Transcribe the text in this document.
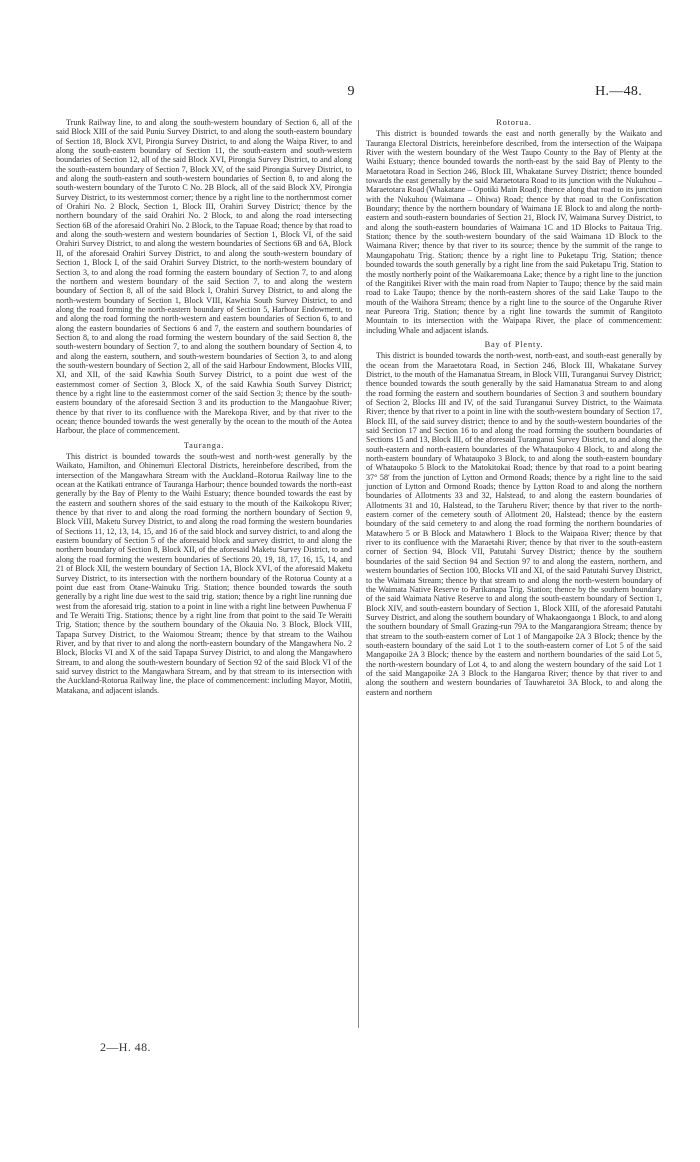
9	H.—48.

Trunk Railway line, to and along the south-western boundary of Section 6, all of the said Block XIII of the said Puniu Survey District, to and along the south-eastern boundary of Section 18, Block XVI, Pirongia Survey District, to and along the Waipa River, to and along the south-eastern boundary of Section 11, the south-eastern and south-western boundaries of Section 12, all of the said Block XVI, Pirongia Survey District, to and along the south-eastern boundary of Section 7, Block XV, of the said Pirongia Survey District, to and along the south-eastern and south-western boundaries of Section 8, to and along the south-western boundary of the Turoto C No. 2B Block, all of the said Block XV, Pirongia Survey District, to its westernmost corner; thence by a right line to the northernmost corner of Orahiri No. 2 Block, Section 1, Block III, Orahiri Survey District; thence by the northern boundary of the said Orahiri No. 2 Block, to and along the road intersecting Section 6B of the aforesaid Orahiri No. 2 Block, to the Tapuae Road; thence by that road to and along the south-western and western boundaries of Section 1, Block VI, of the said Orahiri Survey District, to and along the western boundaries of Sections 6B and 6A, Block II, of the aforesaid Orahiri Survey District, to and along the south-western boundary of Section 1, Block I, of the said Orahiri Survey District, to the north-western boundary of Section 3, to and along the road forming the eastern boundary of Section 7, to and along the northern and western boundary of the said Section 7, to and along the western boundary of Section 8, all of the said Block I, Orahiri Survey District, to and along the north-western boundary of Section 1, Block VIII, Kawhia South Survey District, to and along the road forming the north-eastern boundary of Section 5, Harbour Endowment, to and along the road forming the north-western and eastern boundaries of Section 6, to and along the eastern boundaries of Sections 6 and 7, the eastern and southern boundaries of Section 8, to and along the road forming the western boundary of the said Section 8, the south-western boundary of Section 7, to and along the southern boundary of Section 4, to and along the eastern, southern, and south-western boundaries of Section 3, to and along the south-western boundary of Section 2, all of the said Harbour Endowment, Blocks VIII, XI, and XII, of the said Kawhia South Survey District, to a point due west of the easternmost corner of Section 3, Block X, of the said Kawhia South Survey District; thence by a right line to the easternmost corner of the said Section 3; thence by the south-eastern boundary of the aforesaid Section 3 and its production to the Mangaohue River; thence by that river to its confluence with the Marekopa River, and by that river to the ocean; thence bounded towards the west generally by the ocean to the mouth of the Aotea Harbour, the place of commencement.

Tauranga.

This district is bounded towards the south-west and north-west generally by the Waikato, Hamilton, and Ohinemuri Electoral Districts, hereinbefore described, from the intersection of the Mangawhara Stream with the Auckland–Rotorua Railway line to the ocean at the Katikati entrance of Tauranga Harbour; thence bounded towards the north-east generally by the Bay of Plenty to the Waihi Estuary; thence bounded towards the east by the eastern and southern shores of the said estuary to the mouth of the Kaikokopu River; thence by that river to and along the road forming the northern boundary of Section 9, Block VIII, Maketu Survey District, to and along the road forming the western boundaries of Sections 11, 12, 13, 14, 15, and 16 of the said block and survey district, to and along the eastern boundary of Section 5 of the aforesaid block and survey district, to and along the northern boundary of Section 8, Block XII, of the aforesaid Maketu Survey District, to and along the road forming the western boundaries of Sections 20, 19, 18, 17, 16, 15, 14, and 21 of Block XII, the western boundary of Section 1A, Block XVI, of the aforesaid Maketu Survey District, to its intersection with the northern boundary of the Rotorua County at a point due east from Otane-Wainuku Trig. Station; thence bounded towards the south generally by a right line due west to the said trig. station; thence by a right line running due west from the aforesaid trig. station to a point in line with a right line between Puwhenua F and Te Weraiti Trig. Stations; thence by a right line from that point to the said Te Weraiti Trig. Station; thence by the southern boundary of the Okauia No. 3 Block, Block VIII, Tapapa Survey District, to the Waiomou Stream; thence by that stream to the Waihou River, and by that river to and along the north-eastern boundary of the Mangawhera No. 2 Block, Blocks VI and X of the said Tapapa Survey District, to and along the Mangawhero Stream, to and along the south-western boundary of Section 92 of the said Block VI of the said survey district to the Mangawhara Stream, and by that stream to its intersection with the Auckland-Rotorua Railway line, the place of commencement: including Mayor, Motiti, Matakana, and adjacent islands.

Rotorua.

This district is bounded towards the east and north generally by the Waikato and Tauranga Electoral Districts, hereinbefore described, from the intersection of the Waipapa River with the western boundary of the West Taupo County to the Bay of Plenty at the Waihi Estuary; thence bounded towards the north-east by the said Bay of Plenty to the Maraetotara Road in Section 246, Block III, Whakatane Survey District; thence bounded towards the east generally by the said Maraetotara Road to its junction with the Nukuhou – Maraetotara Road (Whakatane – Opotiki Main Road); thence along that road to its junction with the Nukuhou (Waimana – Ohiwa) Road; thence by that road to the Confiscation Boundary; thence by the northern boundary of Waimana 1E Block to and along the north-eastern and south-eastern boundaries of Section 21, Block IV, Waimana Survey District, to and along the south-eastern boundaries of Waimana 1C and 1D Blocks to Paitaua Trig. Station; thence by the south-western boundary of the said Waimana 1D Block to the Waimana River; thence by that river to its source; thence by the summit of the range to Maungapohatu Trig. Station; thence by a right line to Puketapu Trig. Station; thence bounded towards the south generally by a right line from the said Puketapu Trig. Station to the mostly northerly point of the Waikaremoana Lake; thence by a right line to the junction of the Rangitikei River with the main road from Napier to Taupo; thence by the said main road to Lake Taupo; thence by the north-eastern shores of the said Lake Taupo to the mouth of the Waihora Stream; thence by a right line to the source of the Ongaruhe River near Pureora Trig. Station; thence by a right line towards the summit of Rangitoto Mountain to its intersection with the Waipapa River, the place of commencement: including Whale and adjacent islands.

Bay of Plenty.

This district is bounded towards the north-west, north-east, and south-east generally by the ocean from the Maraetotara Road, in Section 246, Block III, Whakatane Survey District, to the mouth of the Hamanatua Stream, in Block VIII, Turanganui Survey District; thence bounded towards the south generally by the said Hamanatua Stream to and along the road forming the eastern and southern boundaries of Section 3 and southern boundary of Section 2, Blocks III and IV, of the said Turanganui Survey District, to the Waimata River; thence by that river to a point in line with the south-western boundary of Section 17, Block III, of the said survey district; thence to and by the south-western boundaries of the said Section 17 and Section 16 to and along the road forming the southern boundaries of Sections 15 and 13, Block III, of the aforesaid Turanganui Survey District, to and along the south-eastern and north-eastern boundaries of the Whataupoko 4 Block, to and along the north-eastern boundary of Whataupoko 3 Block, to and along the south-eastern boundary of Whataupoko 5 Block to the Matokitokai Road; thence by that road to a point bearing 37° 58′ from the junction of Lytton and Ormond Roads; thence by a right line to the said junction of Lytton and Ormond Roads; thence by Lytton Road to and along the northern boundaries of Allotments 33 and 32, Halstead, to and along the eastern boundaries of Allotments 31 and 10, Halstead, to the Taruheru River; thence by that river to the north-eastern corner of the cemetery south of Allotment 20, Halstead; thence by the eastern boundary of the said cemetery to and along the road forming the northern boundaries of Matawhero 5 or B Block and Matawhero 1 Block to the Waipaoa River; thence by that river to its confluence with the Maraetahi River; thence by that river to the south-eastern corner of Section 94, Block VII, Patutahi Survey District; thence by the southern boundaries of the said Section 94 and Section 97 to and along the eastern, northern, and western boundaries of Section 100, Blocks VII and XI, of the said Patutahi Survey District, to the Waimata Stream; thence by that stream to and along the north-western boundary of the Waimata Native Reserve to Parikanapa Trig. Station; thence by the southern boundary of the said Waimata Native Reserve to and along the south-eastern boundary of Section 1, Block XIV, and south-eastern boundary of Section 1, Block XIII, of the aforesaid Patutahi Survey District, and along the southern boundary of Whakaongaonga 1 Block, to and along the southern boundary of Small Grazing-run 79A to the Mangarangiora Stream; thence by that stream to the south-eastern corner of Lot 1 of Mangapoike 2A 3 Block; thence by the south-eastern boundary of the said Lot 1 to the south-eastern corner of Lot 5 of the said Mangapoike 2A 3 Block; thence by the eastern and northern boundaries of the said Lot 5, the north-western boundary of Lot 4, to and along the western boundary of the said Lot 1 of the said Mangapoike 2A 3 Block to the Hangaroa River; thence by that river to and along the southern and western boundaries of Tauwharetoi 3A Block, to and along the eastern and northern

2—H. 48.
